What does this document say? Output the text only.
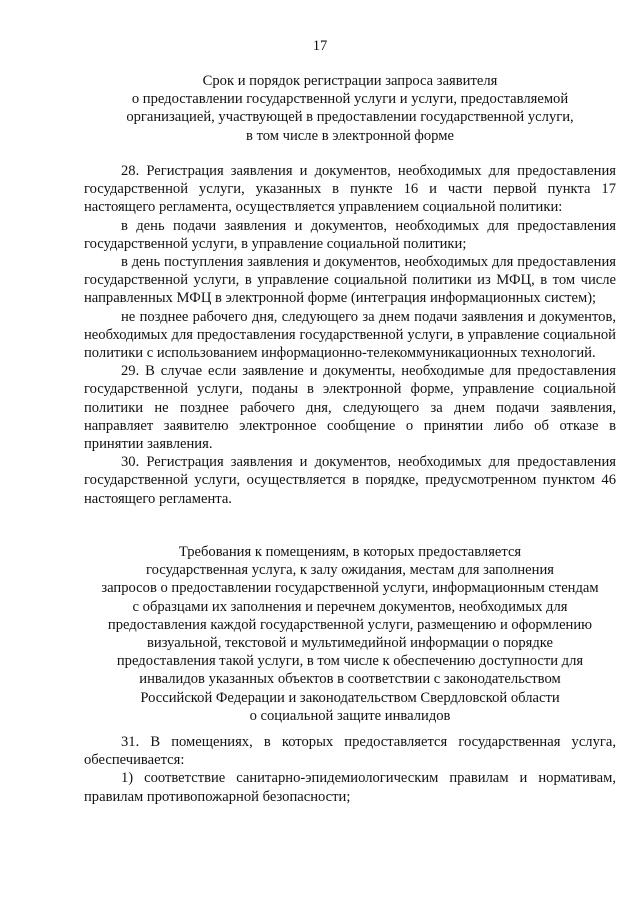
17
Срок и порядок регистрации запроса заявителя
о предоставлении государственной услуги и услуги, предоставляемой
организацией, участвующей в предоставлении государственной услуги,
в том числе в электронной форме

28. Регистрация заявления и документов, необходимых для предоставления государственной услуги, указанных в пункте 16 и части первой пункта 17 настоящего регламента, осуществляется управлением социальной политики:

в день подачи заявления и документов, необходимых для предоставления государственной услуги, в управление социальной политики;

в день поступления заявления и документов, необходимых для предоставления государственной услуги, в управление социальной политики из МФЦ, в том числе направленных МФЦ в электронной форме (интеграция информационных систем);

не позднее рабочего дня, следующего за днем подачи заявления и документов, необходимых для предоставления государственной услуги, в управление социальной политики с использованием информационно-телекоммуникационных технологий.

29. В случае если заявление и документы, необходимые для предоставления государственной услуги, поданы в электронной форме, управление социальной политики не позднее рабочего дня, следующего за днем подачи заявления, направляет заявителю электронное сообщение о принятии либо об отказе в принятии заявления.

30. Регистрация заявления и документов, необходимых для предоставления государственной услуги, осуществляется в порядке, предусмотренном пунктом 46 настоящего регламента.

Требования к помещениям, в которых предоставляется
государственная услуга, к залу ожидания, местам для заполнения
запросов о предоставлении государственной услуги, информационным стендам
с образцами их заполнения и перечнем документов, необходимых для
предоставления каждой государственной услуги, размещению и оформлению
визуальной, текстовой и мультимедийной информации о порядке
предоставления такой услуги, в том числе к обеспечению доступности для
инвалидов указанных объектов в соответствии с законодательством
Российской Федерации и законодательством Свердловской области
о социальной защите инвалидов

31. В помещениях, в которых предоставляется государственная услуга, обеспечивается:

1) соответствие санитарно-эпидемиологическим правилам и нормативам, правилам противопожарной безопасности;
